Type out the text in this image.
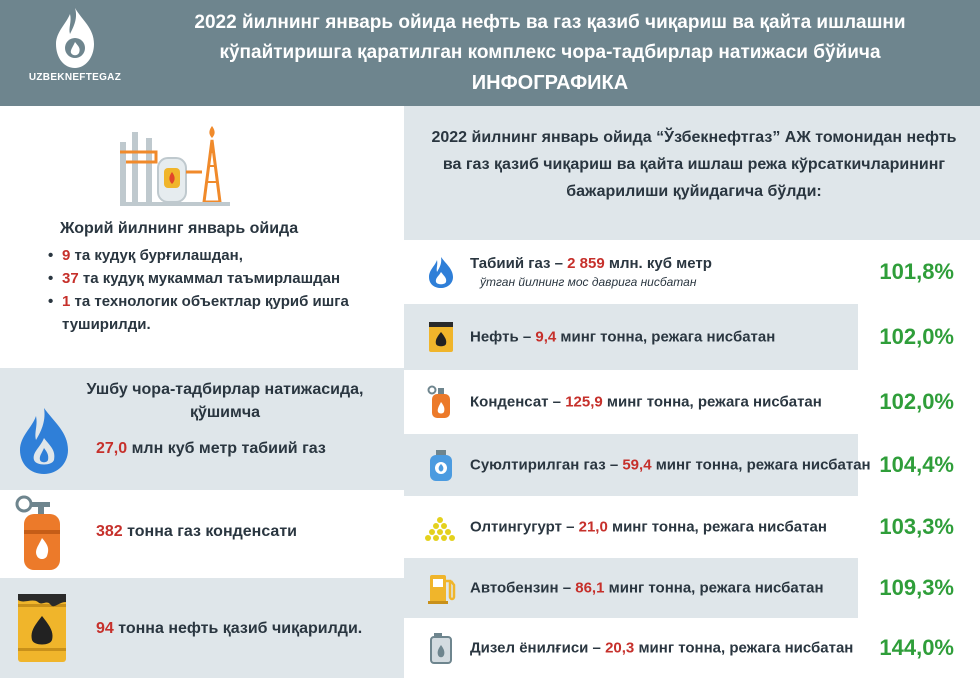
UZBEKNEFTEGAZ
2022 йилнинг январь ойида нефть ва газ қазиб чиқариш ва қайта ишлашни
кўпайтиришга қаратилган комплекс чора-тадбирлар натижаси бўйича
ИНФОГРАФИКА
Жорий йилнинг январь ойида
• 9 та кудуқ бурғилашдан,
• 37 та кудуқ мукаммал таъмирлашдан
• 1 та технологик объектлар қуриб ишга туширилди.
Ушбу чора-тадбирлар натижасида, қўшимча
27,0 млн куб метр табиий газ
382 тонна газ конденсати
94 тонна нефть қазиб чиқарилди.
2022 йилнинг январь ойида “Ўзбекнефтгаз” АЖ томонидан нефть ва газ қазиб чиқариш ва қайта ишлаш режа кўрсаткичларининг бажарилиши қуйидагича бўлди:
Табиий газ – 2 859 млн. куб метр
ўтган йилнинг мос даврига нисбатан	101,8%
Нефть – 9,4 минг тонна, режага нисбатан	102,0%
Конденсат – 125,9 минг тонна, режага нисбатан	102,0%
Суюлтирилган газ – 59,4 минг тонна, режага нисбатан 104,4%
Олтингугурт – 21,0 минг тонна, режага нисбатан 103,3%
Автобензин – 86,1 минг тонна, режага нисбатан	109,3%
Дизел ёнилғиси – 20,3 минг тонна, режага нисбатан 144,0%
